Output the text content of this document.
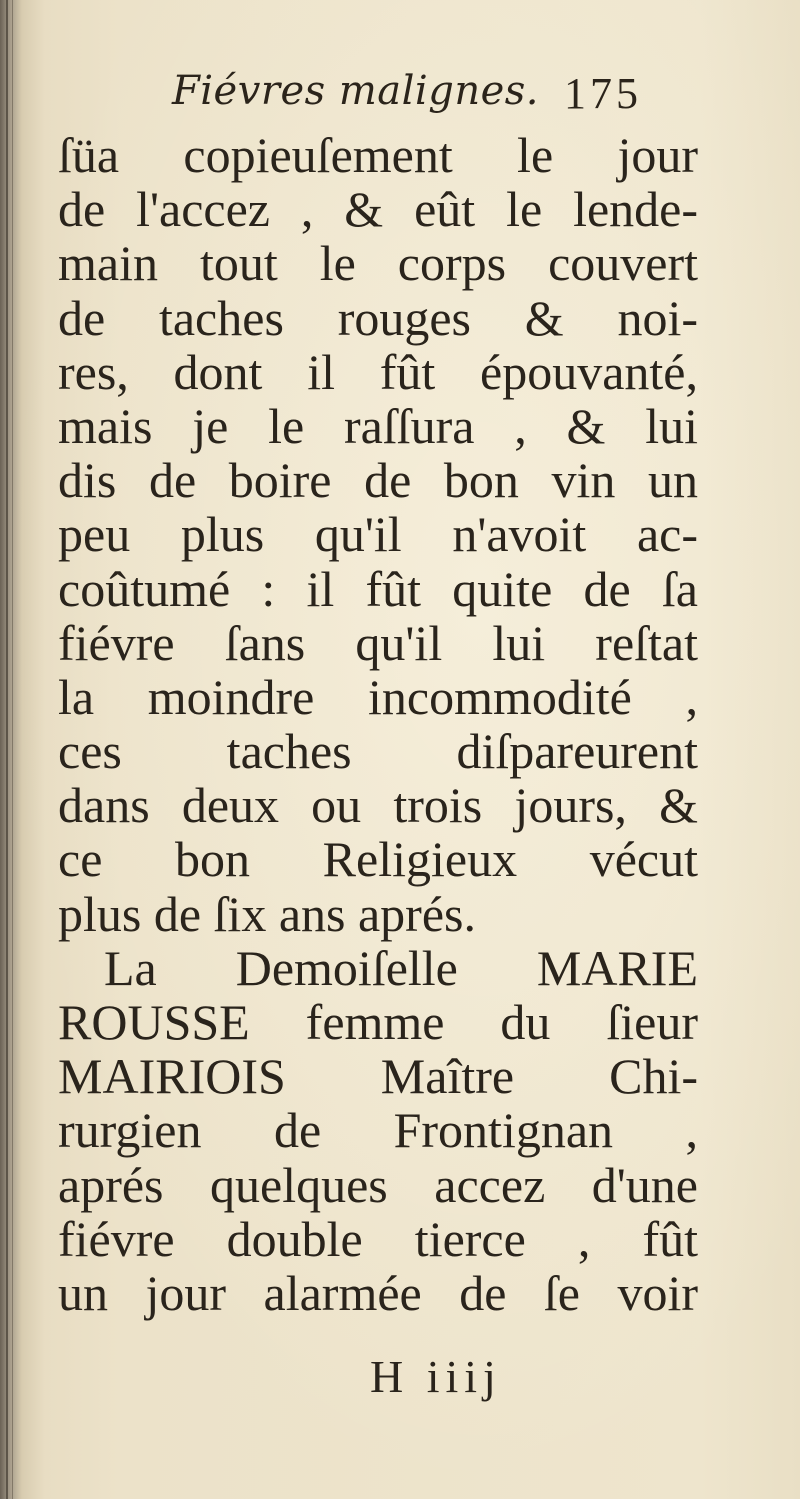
Fiévres malignes. 175
ſüa copieuſement le jour
de l'accez , & eût le lende-
main tout le corps couvert
de taches rouges & noi-
res, dont il fût épouvanté,
mais je le raſſura , & lui
dis de boire de bon vin un
peu plus qu'il n'avoit ac-
coûtumé : il fût quite de ſa
fiévre ſans qu'il lui reſtat
la moindre incommodité ,
ces taches diſpareurent
dans deux ou trois jours, &
ce bon Religieux vécut
plus de ſix ans aprés.
La Demoiſelle MARIE
ROUSSE femme du ſieur
MAIRIOIS Maître Chi-
rurgien de Frontignan ,
aprés quelques accez d'une
fiévre double tierce , fût
un jour alarmée de ſe voir
H iiij
